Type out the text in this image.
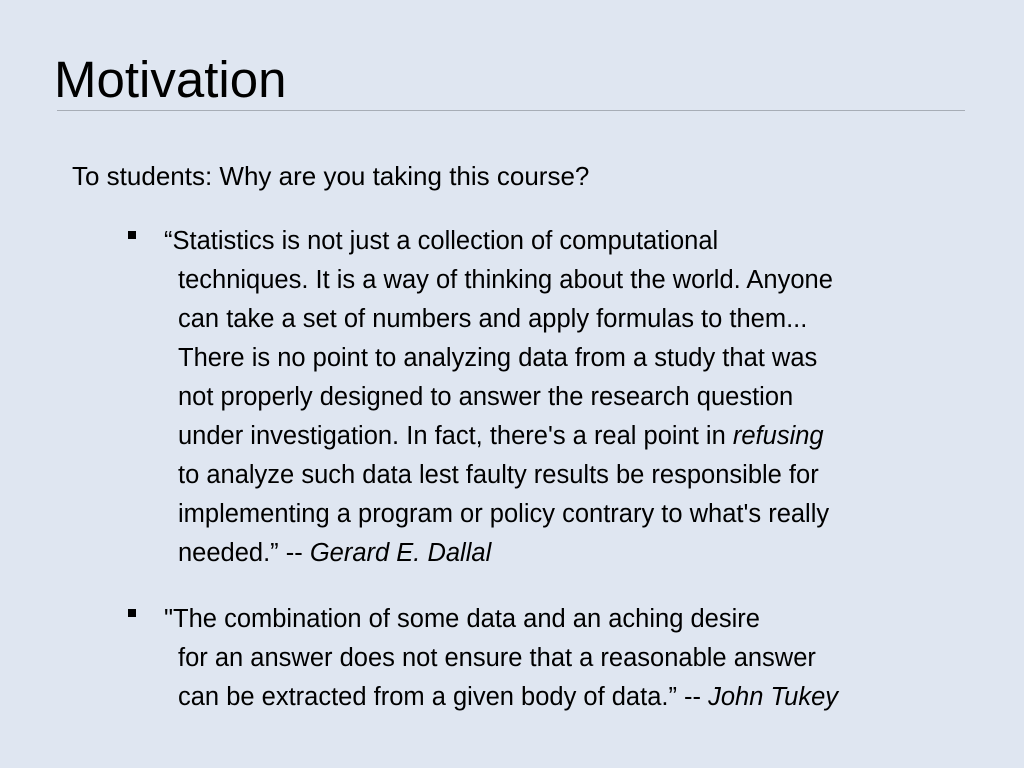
Motivation
To students: Why are you taking this course?
“Statistics is not just a collection of computational
techniques. It is a way of thinking about the world. Anyone
can take a set of numbers and apply formulas to them...
There is no point to analyzing data from a study that was
not properly designed to answer the research question
under investigation. In fact, there's a real point in refusing
to analyze such data lest faulty results be responsible for
implementing a program or policy contrary to what's really
needed.” -- Gerard E. Dallal
"The combination of some data and an aching desire
for an answer does not ensure that a reasonable answer
can be extracted from a given body of data.” -- John Tukey
